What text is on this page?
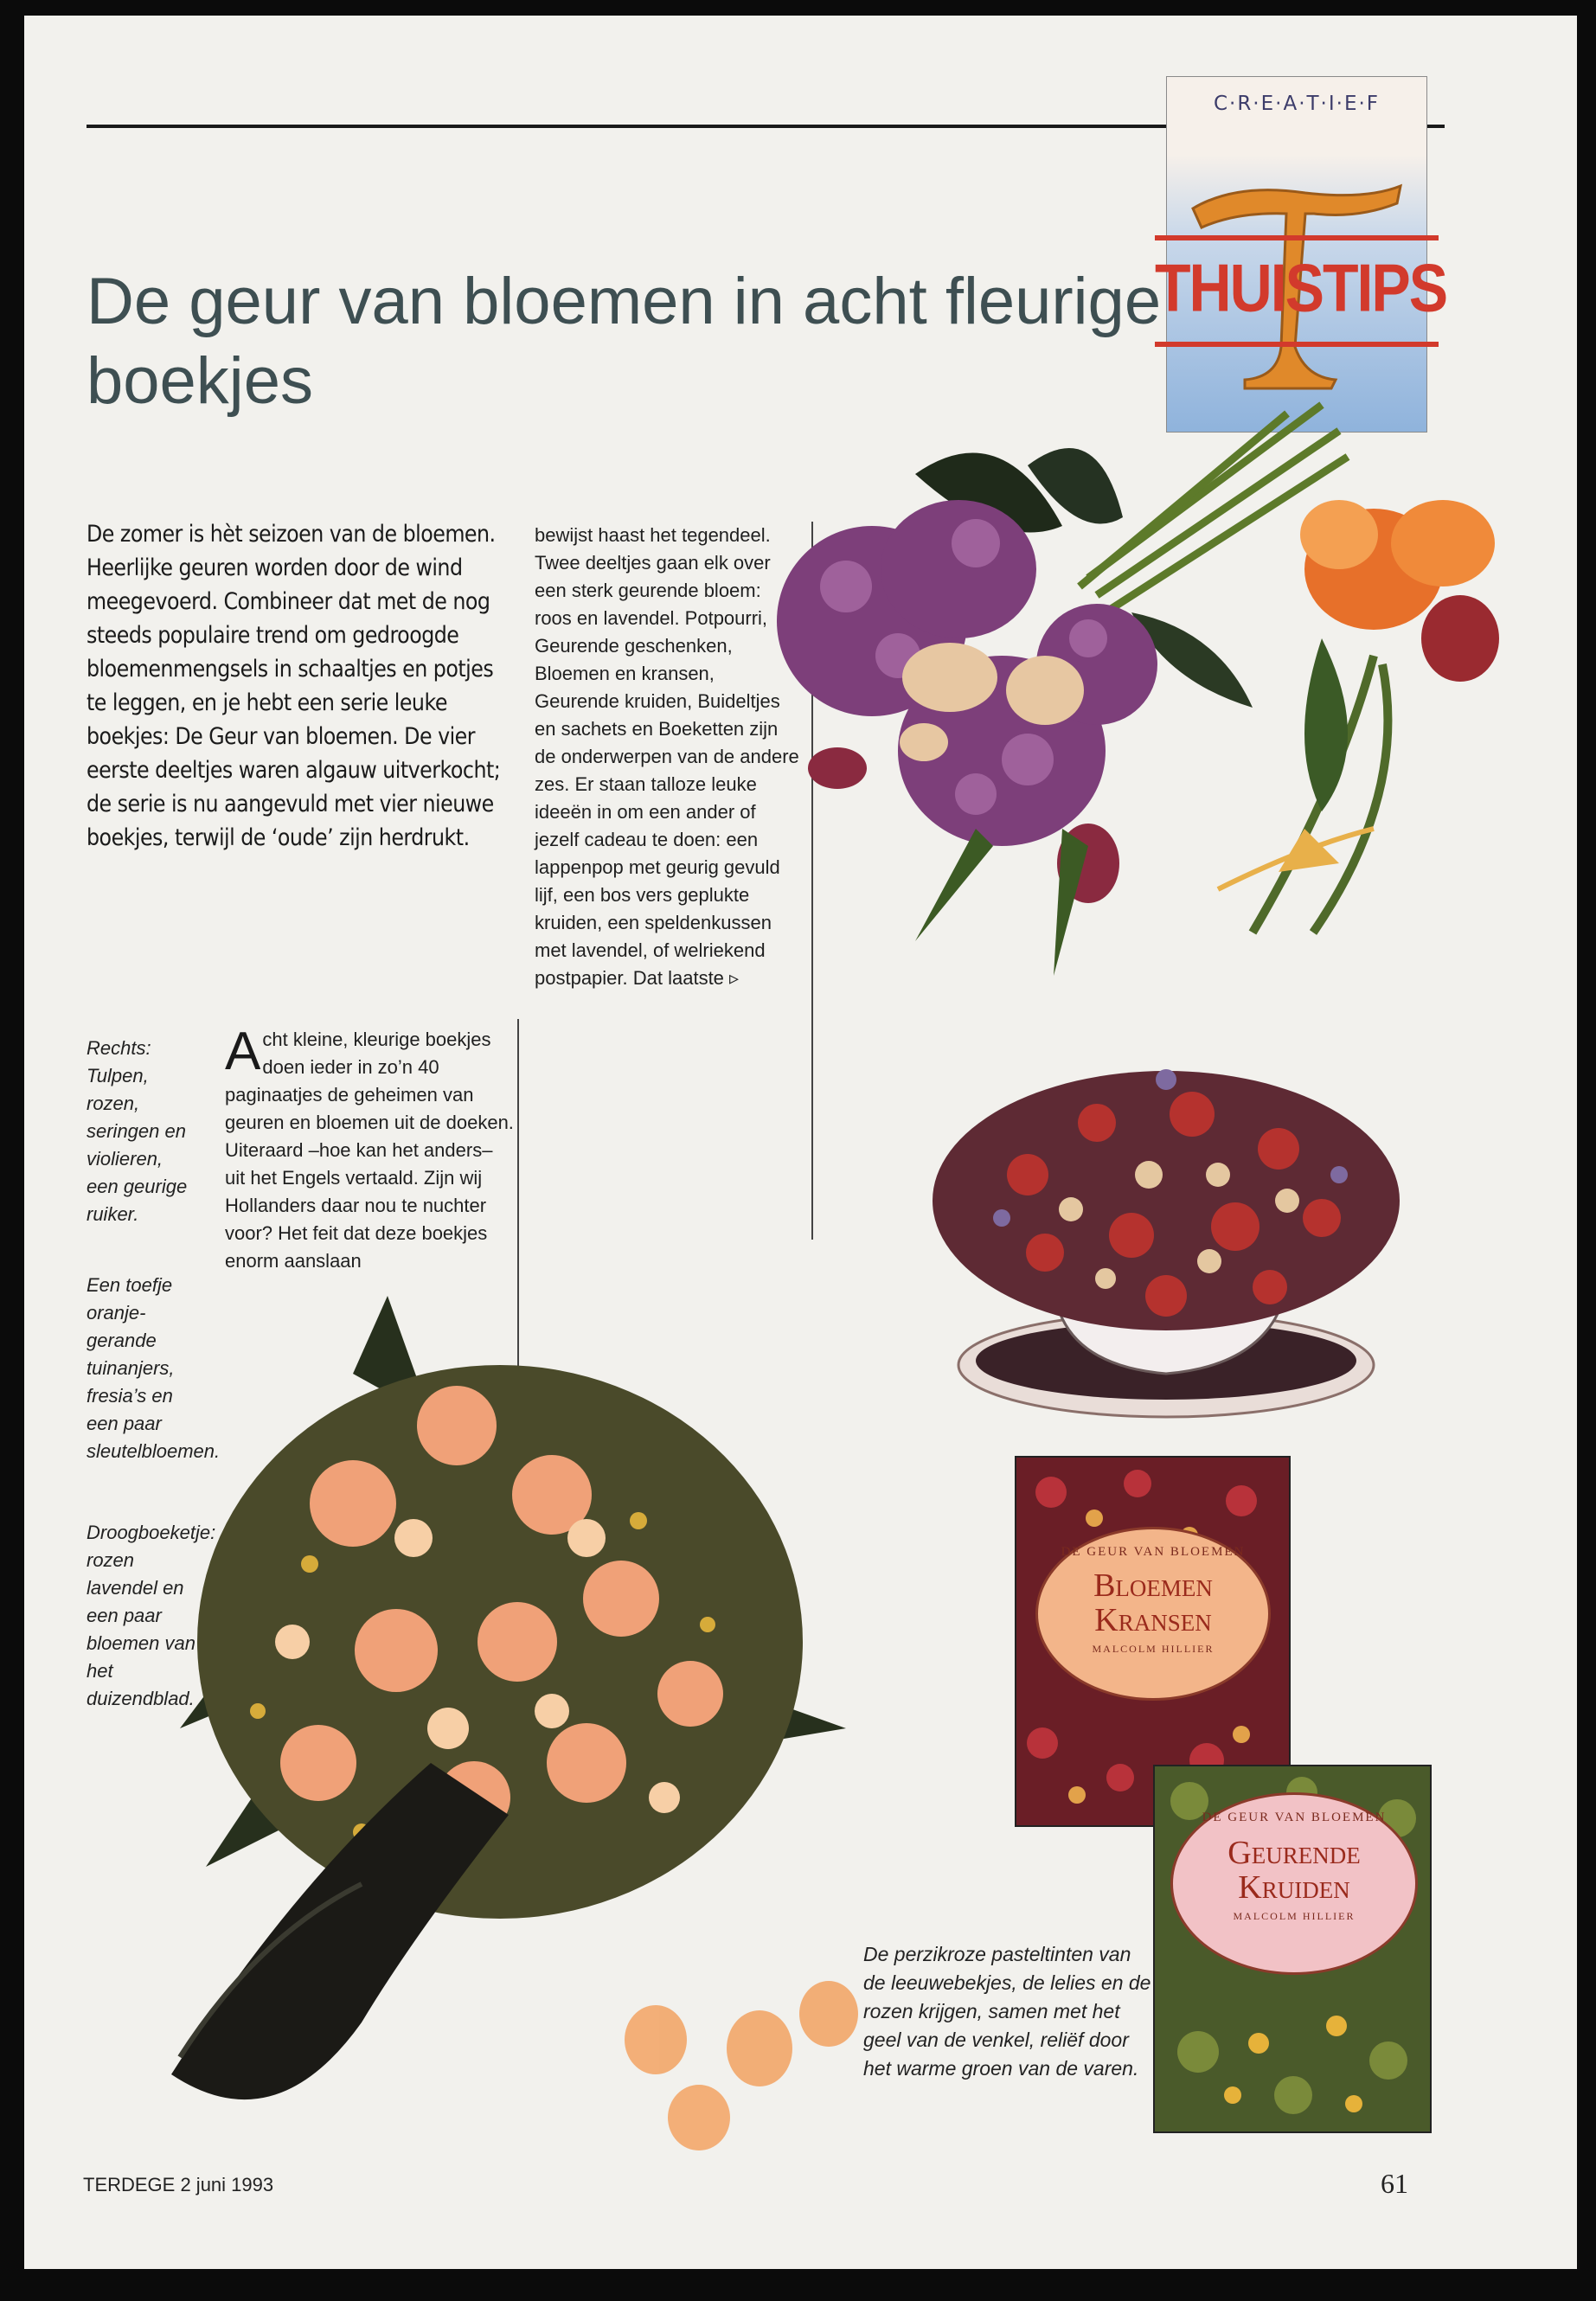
C·R·E·A·T·I·E·F
THUISTIPS
De geur van bloemen in acht fleurige boekjes
De zomer is hèt seizoen van de bloemen. Heerlijke geuren worden door de wind meegevoerd. Combineer dat met de nog steeds populaire trend om gedroogde bloemenmengsels in schaaltjes en potjes te leggen, en je hebt een serie leuke boekjes: De Geur van bloemen. De vier eerste deeltjes waren algauw uitverkocht; de serie is nu aangevuld met vier nieuwe boekjes, terwijl de ‘oude’ zijn herdrukt.
Rechts: Tulpen, rozen, seringen en violieren, een geurige ruiker.
Een toefje oranje-gerande tuinanjers, fresia’s en een paar sleutelbloemen.
Droogboeketje: rozen lavendel en een paar bloemen van het duizendblad.
Acht kleine, kleurige boekjes doen ieder in zo’n 40 paginaatjes de geheimen van geuren en bloemen uit de doeken. Uiteraard –hoe kan het anders– uit het Engels vertaald. Zijn wij Hollanders daar nou te nuchter voor? Het feit dat deze boekjes enorm aanslaan
bewijst haast het tegendeel. Twee deeltjes gaan elk over een sterk geurende bloem: roos en lavendel. Potpourri, Geurende geschenken, Bloemen en kransen, Geurende kruiden, Buideltjes en sachets en Boeketten zijn de onderwerpen van de andere zes. Er staan talloze leuke ideeën in om een ander of jezelf cadeau te doen: een lappenpop met geurig gevuld lijf, een bos vers geplukte kruiden, een speldenkussen met lavendel, of welriekend postpapier. Dat laatste ▹
DE GEUR VAN BLOEMEN
Bloemen
Kransen
MALCOLM HILLIER
DE GEUR VAN BLOEMEN
Geurende
Kruiden
MALCOLM HILLIER
De perzikroze pasteltinten van de leeuwebekjes, de lelies en de rozen krijgen, samen met het geel van de venkel, reliëf door het warme groen van de varen.
TERDEGE 2 juni 1993	61
